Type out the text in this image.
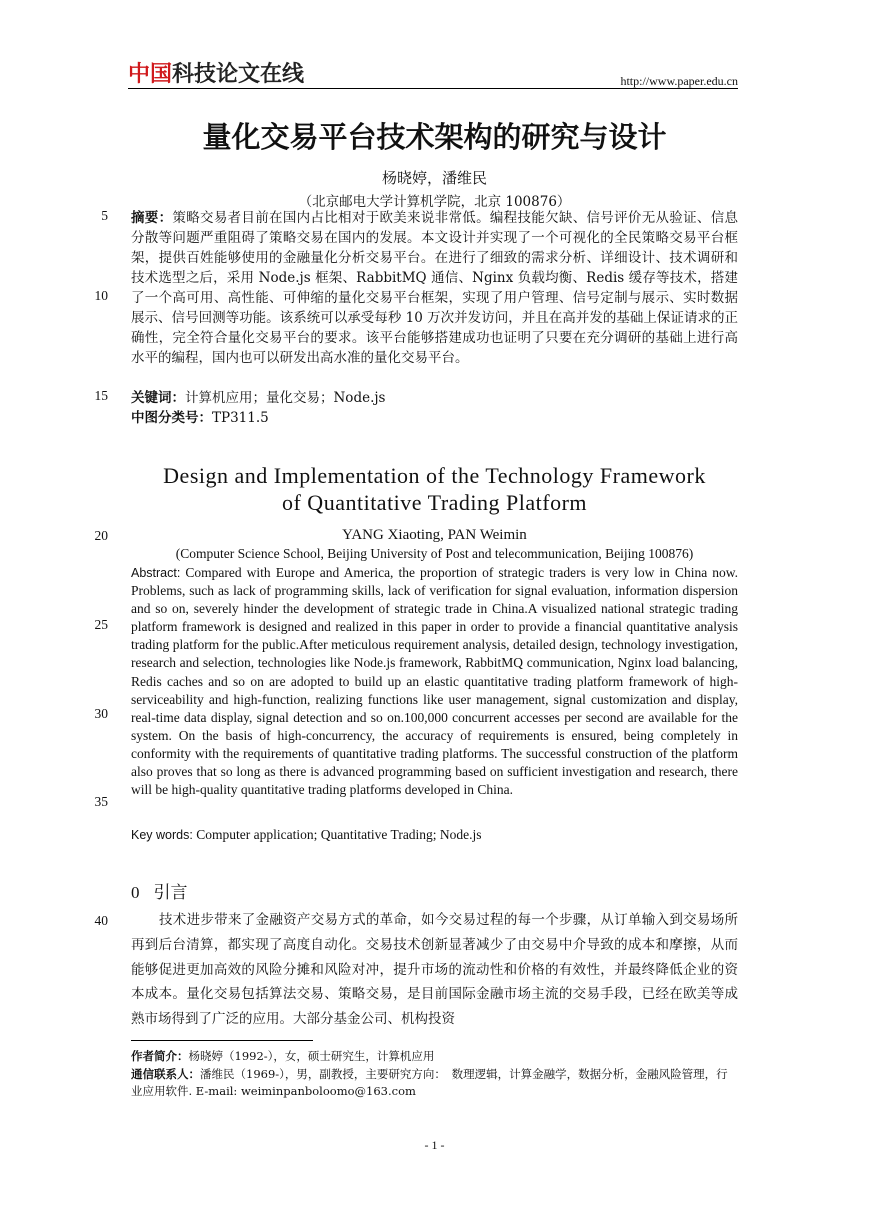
中国科技论文在线	http://www.paper.edu.cn
量化交易平台技术架构的研究与设计
杨晓婷，潘维民
（北京邮电大学计算机学院，北京 100876）
5
10
15
20
25
30
35
40
摘要：策略交易者目前在国内占比相对于欧美来说非常低。编程技能欠缺、信号评价无从验证、信息分散等问题严重阻碍了策略交易在国内的发展。本文设计并实现了一个可视化的全民策略交易平台框架，提供百姓能够使用的金融量化分析交易平台。在进行了细致的需求分析、详细设计、技术调研和技术选型之后，采用 Node.js 框架、RabbitMQ 通信、Nginx 负载均衡、Redis 缓存等技术，搭建了一个高可用、高性能、可伸缩的量化交易平台框架，实现了用户管理、信号定制与展示、实时数据展示、信号回测等功能。该系统可以承受每秒 10 万次并发访问，并且在高并发的基础上保证请求的正确性，完全符合量化交易平台的要求。该平台能够搭建成功也证明了只要在充分调研的基础上进行高水平的编程，国内也可以研发出高水准的量化交易平台。
关键词：计算机应用；量化交易；Node.js
中图分类号：TP311.5
Design and Implementation of the Technology Framework
of Quantitative Trading Platform
YANG Xiaoting, PAN Weimin
(Computer Science School, Beijing University of Post and telecommunication, Beijing 100876)
Abstract: Compared with Europe and America, the proportion of strategic traders is very low in China now. Problems, such as lack of programming skills, lack of verification for signal evaluation, information dispersion and so on, severely hinder the development of strategic trade in China.A visualized national strategic trading platform framework is designed and realized in this paper in order to provide a financial quantitative analysis trading platform for the public.After meticulous requirement analysis, detailed design, technology investigation, research and selection, technologies like Node.js framework, RabbitMQ communication, Nginx load balancing, Redis caches and so on are adopted to build up an elastic quantitative trading platform framework of high-serviceability and high-function, realizing functions like user management, signal customization and display, real-time data display, signal detection and so on.100,000 concurrent accesses per second are available for the system. On the basis of high-concurrency, the accuracy of requirements is ensured, being completely in conformity with the requirements of quantitative trading platforms. The successful construction of the platform also proves that so long as there is advanced programming based on sufficient investigation and research, there will be high-quality quantitative trading platforms developed in China.
Key words: Computer application; Quantitative Trading; Node.js
0 引言
技术进步带来了金融资产交易方式的革命，如今交易过程的每一个步骤，从订单输入到交易场所再到后台清算，都实现了高度自动化。交易技术创新显著减少了由交易中介导致的成本和摩擦，从而能够促进更加高效的风险分摊和风险对冲，提升市场的流动性和价格的有效性，并最终降低企业的资本成本。量化交易包括算法交易、策略交易，是目前国际金融市场主流的交易手段，已经在欧美等成熟市场得到了广泛的应用。大部分基金公司、机构投资
作者简介：杨晓婷（1992-），女，硕士研究生，计算机应用
通信联系人：潘维民（1969-），男，副教授，主要研究方向：　数理逻辑，计算金融学，数据分析，金融风险管理，行业应用软件. E-mail: weiminpanboloomo@163.com
- 1 -
